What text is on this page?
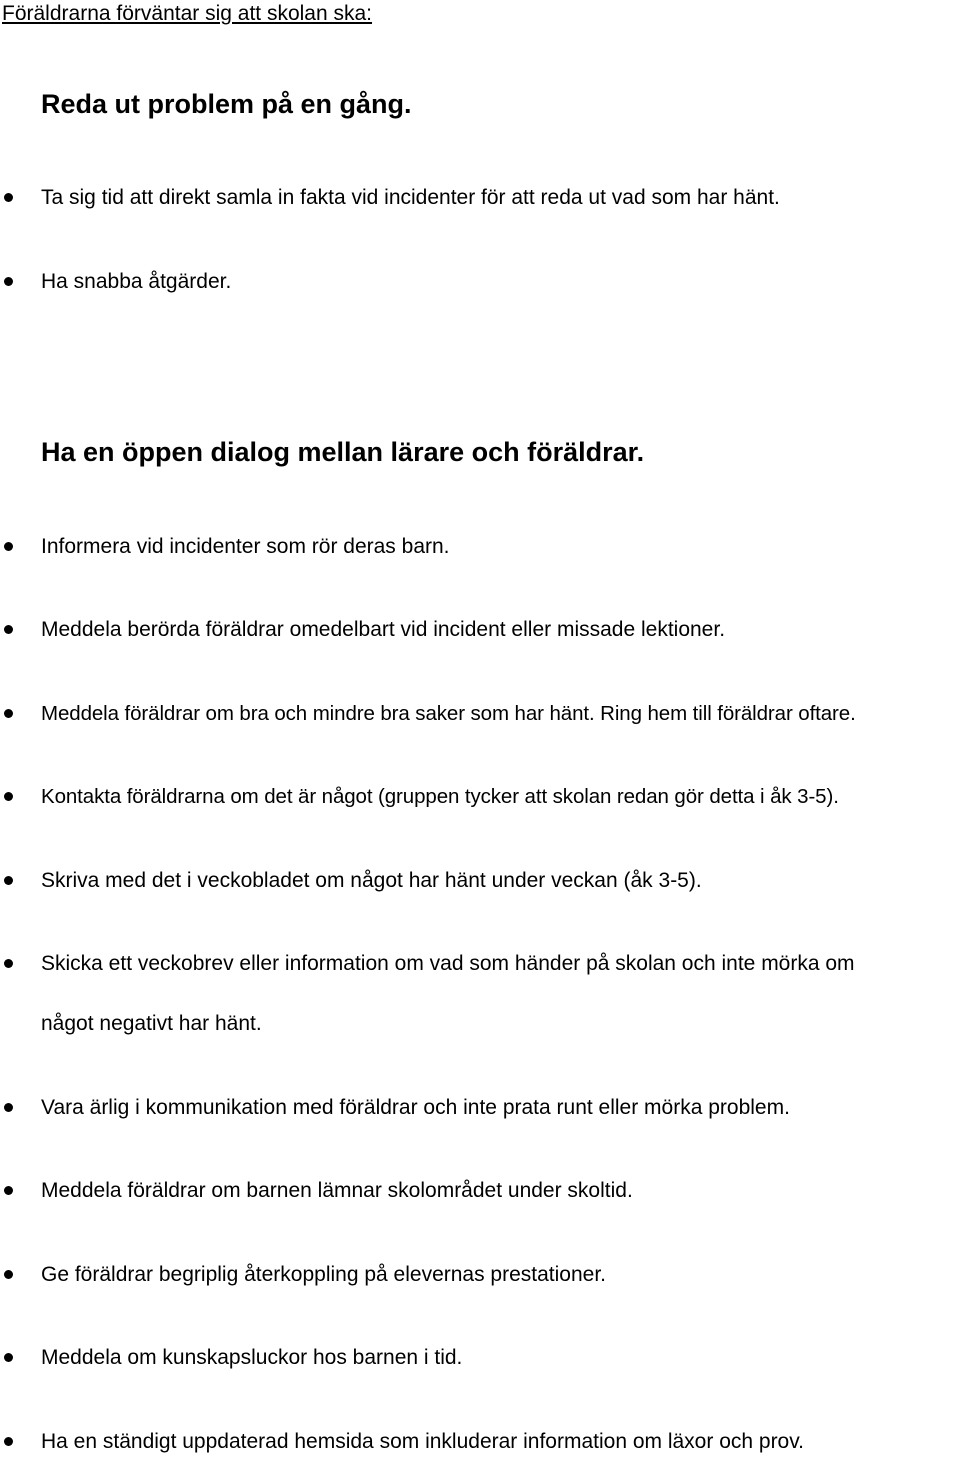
Föräldrarna förväntar sig att skolan ska:
Reda ut problem på en gång.
Ta sig tid att direkt samla in fakta vid incidenter för att reda ut vad som har hänt.
Ha snabba åtgärder.
Ha en öppen dialog mellan lärare och föräldrar.
Informera vid incidenter som rör deras barn.
Meddela berörda föräldrar omedelbart vid incident eller missade lektioner.
Meddela föräldrar om bra och mindre bra saker som har hänt. Ring hem till föräldrar oftare.
Kontakta föräldrarna om det är något (gruppen tycker att skolan redan gör detta i åk 3-5).
Skriva med det i veckobladet om något har hänt under veckan (åk 3-5).
Skicka ett veckobrev eller information om vad som händer på skolan och inte mörka om
något negativt har hänt.
Vara ärlig i kommunikation med föräldrar och inte prata runt eller mörka problem.
Meddela föräldrar om barnen lämnar skolområdet under skoltid.
Ge föräldrar begriplig återkoppling på elevernas prestationer.
Meddela om kunskapsluckor hos barnen i tid.
Ha en ständigt uppdaterad hemsida som inkluderar information om läxor och prov.
